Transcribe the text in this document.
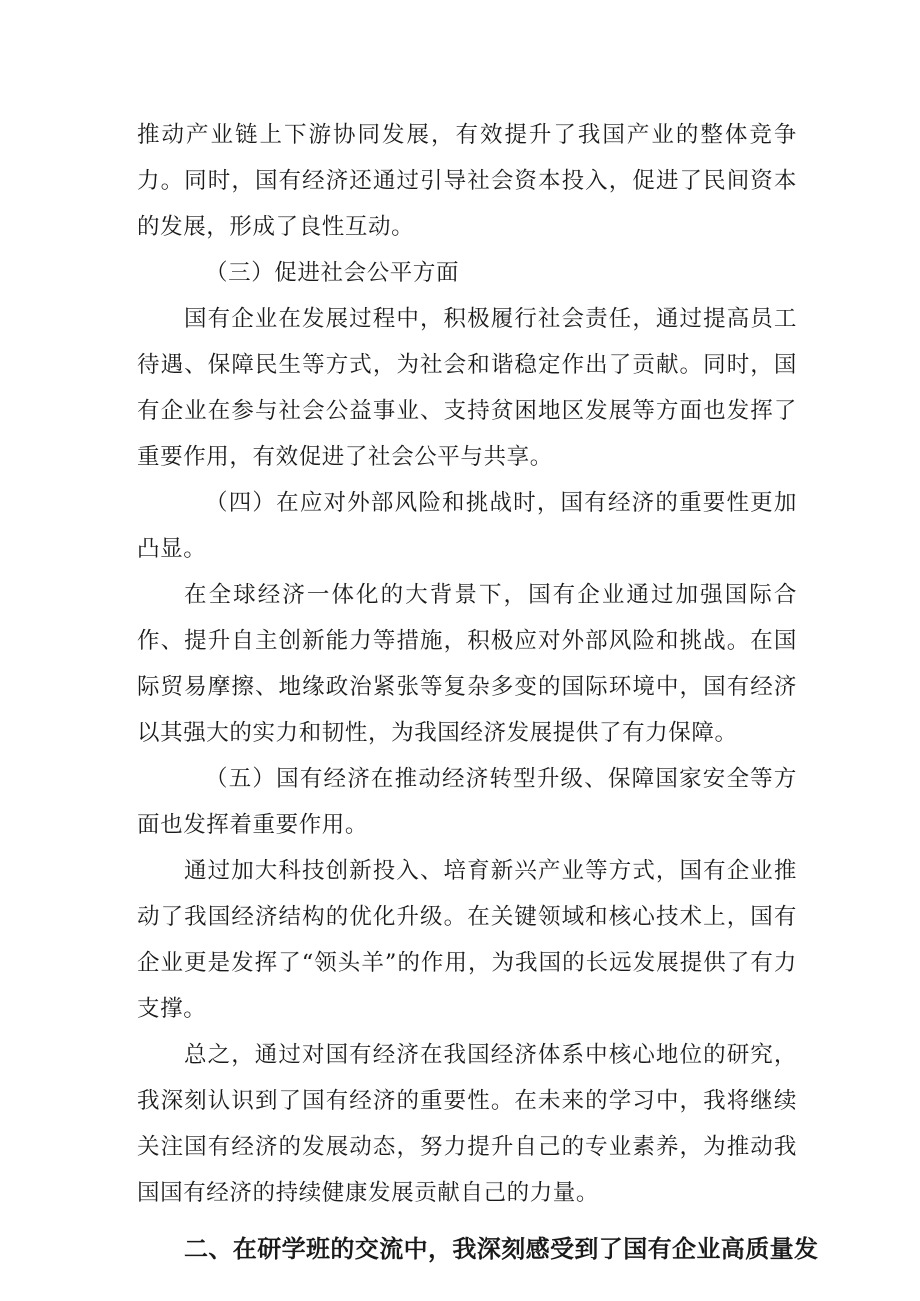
推动产业链上下游协同发展，有效提升了我国产业的整体竞争力。同时，国有经济还通过引导社会资本投入，促进了民间资本的发展，形成了良性互动。

（三）促进社会公平方面

国有企业在发展过程中，积极履行社会责任，通过提高员工待遇、保障民生等方式，为社会和谐稳定作出了贡献。同时，国有企业在参与社会公益事业、支持贫困地区发展等方面也发挥了重要作用，有效促进了社会公平与共享。

（四）在应对外部风险和挑战时，国有经济的重要性更加凸显。

在全球经济一体化的大背景下，国有企业通过加强国际合作、提升自主创新能力等措施，积极应对外部风险和挑战。在国际贸易摩擦、地缘政治紧张等复杂多变的国际环境中，国有经济以其强大的实力和韧性，为我国经济发展提供了有力保障。

（五）国有经济在推动经济转型升级、保障国家安全等方面也发挥着重要作用。

通过加大科技创新投入、培育新兴产业等方式，国有企业推动了我国经济结构的优化升级。在关键领域和核心技术上，国有企业更是发挥了“领头羊”的作用，为我国的长远发展提供了有力支撑。

总之，通过对国有经济在我国经济体系中核心地位的研究，我深刻认识到了国有经济的重要性。在未来的学习中，我将继续关注国有经济的发展动态，努力提升自己的专业素养，为推动我国国有经济的持续健康发展贡献自己的力量。

二、在研学班的交流中，我深刻感受到了国有企业高质量发
